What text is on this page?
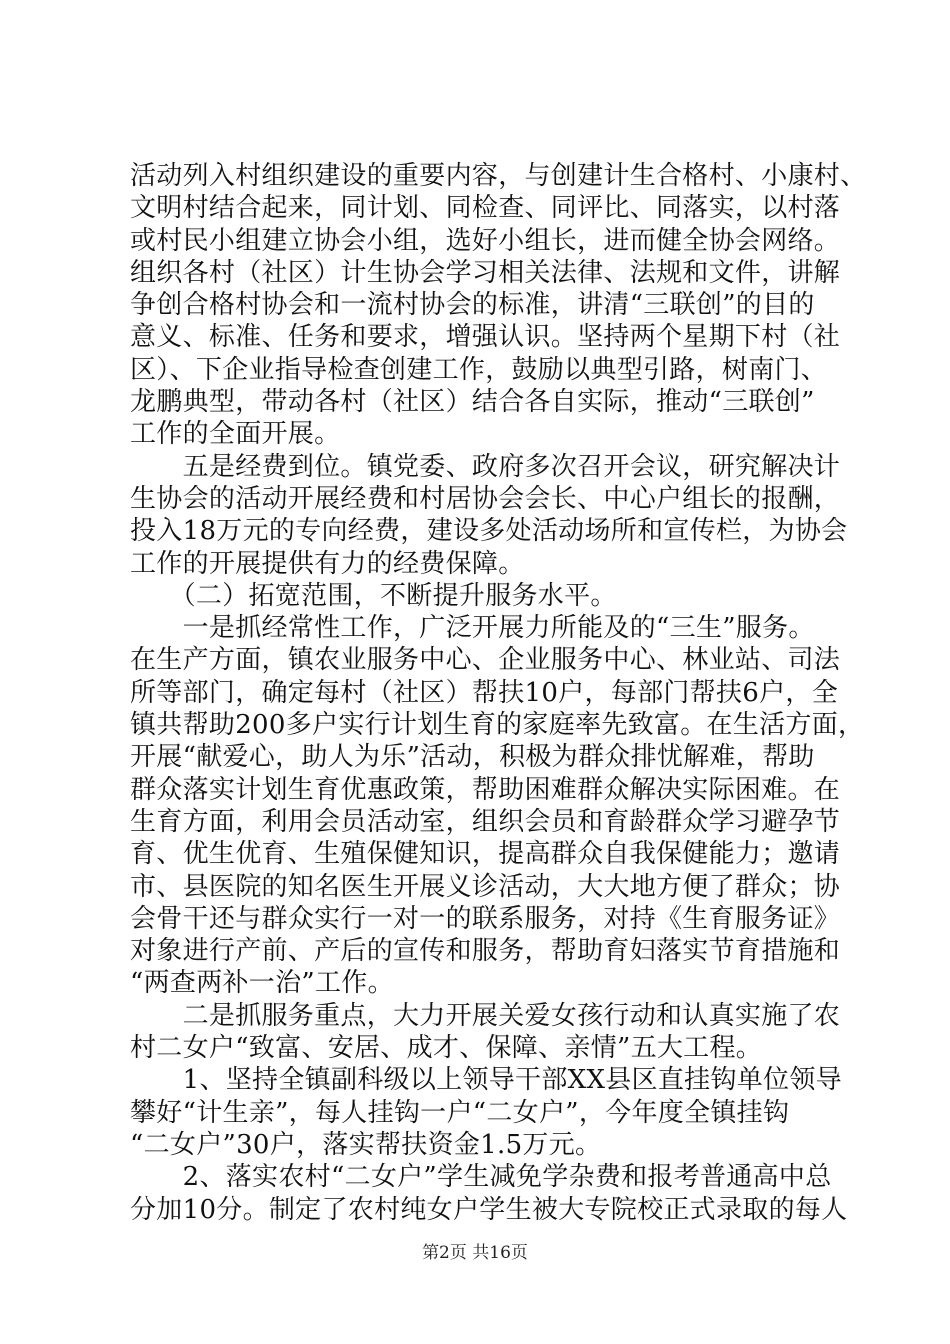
活动列入村组织建设的重要内容，与创建计生合格村、小康村、
文明村结合起来，同计划、同检查、同评比、同落实，以村落
或村民小组建立协会小组，选好小组长，进而健全协会网络。
组织各村（社区）计生协会学习相关法律、法规和文件，讲解
争创合格村协会和一流村协会的标准，讲清“三联创”的目的
意义、标准、任务和要求，增强认识。坚持两个星期下村（社
区）、下企业指导检查创建工作，鼓励以典型引路，树南门、
龙鹏典型，带动各村（社区）结合各自实际，推动“三联创”
工作的全面开展。
　　五是经费到位。镇党委、政府多次召开会议，研究解决计
生协会的活动开展经费和村居协会会长、中心户组长的报酬，
投入18万元的专向经费，建设多处活动场所和宣传栏，为协会
工作的开展提供有力的经费保障。
　　（二）拓宽范围，不断提升服务水平。
　　一是抓经常性工作，广泛开展力所能及的“三生”服务。
在生产方面，镇农业服务中心、企业服务中心、林业站、司法
所等部门，确定每村（社区）帮扶10户，每部门帮扶6户，全
镇共帮助200多户实行计划生育的家庭率先致富。在生活方面，
开展“献爱心，助人为乐”活动，积极为群众排忧解难，帮助
群众落实计划生育优惠政策，帮助困难群众解决实际困难。在
生育方面，利用会员活动室，组织会员和育龄群众学习避孕节
育、优生优育、生殖保健知识，提高群众自我保健能力；邀请
市、县医院的知名医生开展义诊活动，大大地方便了群众；协
会骨干还与群众实行一对一的联系服务，对持《生育服务证》
对象进行产前、产后的宣传和服务，帮助育妇落实节育措施和
“两查两补一治”工作。
　　二是抓服务重点，大力开展关爱女孩行动和认真实施了农
村二女户“致富、安居、成才、保障、亲情”五大工程。
　　1、坚持全镇副科级以上领导干部XX县区直挂钩单位领导
攀好“计生亲”，每人挂钩一户“二女户”，今年度全镇挂钩
“二女户”30户，落实帮扶资金1.5万元。
　　2、落实农村“二女户”学生减免学杂费和报考普通高中总
分加10分。制定了农村纯女户学生被大专院校正式录取的每人
第2页 共16页
